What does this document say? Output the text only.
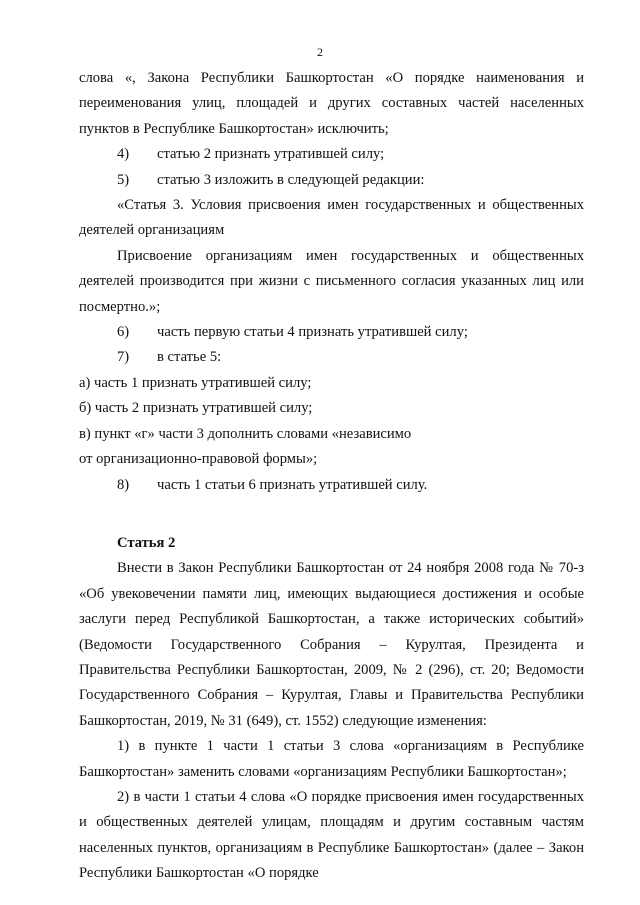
2

слова «, Закона Республики Башкортостан «О порядке наименования и переименования улиц, площадей и других составных частей населенных пунктов в Республике Башкортостан» исключить;

4) статью 2 признать утратившей силу;

5) статью 3 изложить в следующей редакции:

«Статья 3. Условия присвоения имен государственных и общественных деятелей организациям

Присвоение организациям имен государственных и общественных деятелей производится при жизни с письменного согласия указанных лиц или посмертно.»;

6) часть первую статьи 4 признать утратившей силу;

7) в статье 5:

а) часть 1 признать утратившей силу;

б) часть 2 признать утратившей силу;

в) пункт «г» части 3 дополнить словами «независимо

от организационно-правовой формы»;

8) часть 1 статьи 6 признать утратившей силу.

Статья 2

Внести в Закон Республики Башкортостан от 24 ноября 2008 года № 70-з «Об увековечении памяти лиц, имеющих выдающиеся достижения и особые заслуги перед Республикой Башкортостан, а также исторических событий» (Ведомости Государственного Собрания – Курултая, Президента и Правительства Республики Башкортостан, 2009, № 2 (296), ст. 20; Ведомости Государственного Собрания – Курултая, Главы и Правительства Республики Башкортостан, 2019, № 31 (649), ст. 1552) следующие изменения:

1) в пункте 1 части 1 статьи 3 слова «организациям в Республике Башкортостан» заменить словами «организациям Республики Башкортостан»;

2) в части 1 статьи 4 слова «О порядке присвоения имен государственных и общественных деятелей улицам, площадям и другим составным частям населенных пунктов, организациям в Республике Башкортостан» (далее – Закон Республики Башкортостан «О порядке
